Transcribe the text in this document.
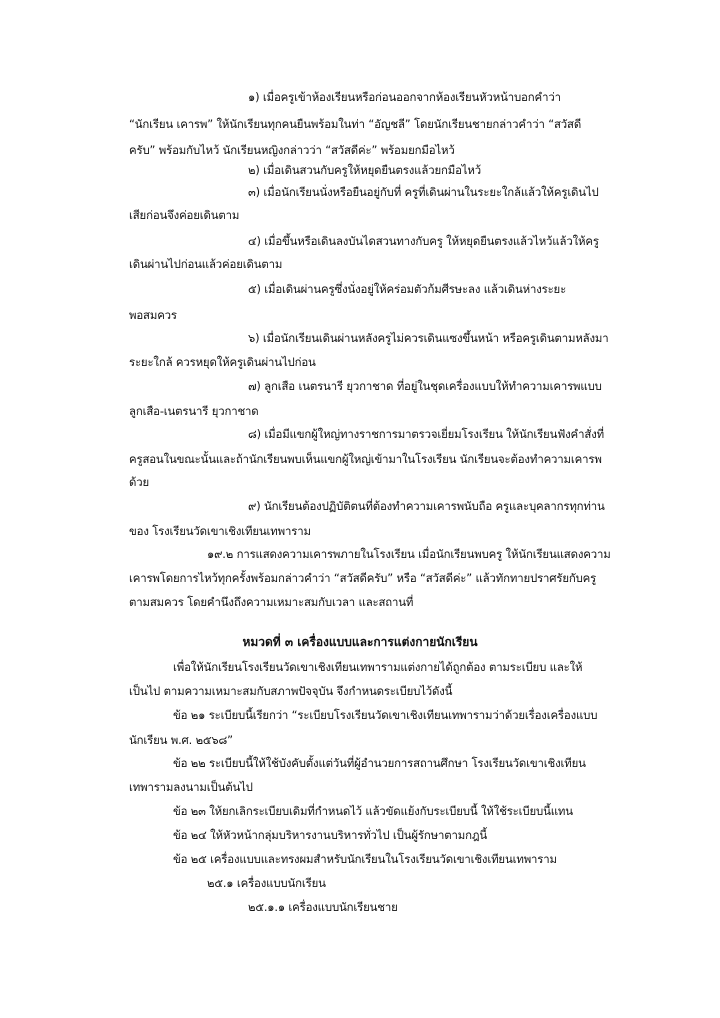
๑) เมื่อครูเข้าห้องเรียนหรือก่อนออกจากห้องเรียนหัวหน้าบอกคำว่า
“นักเรียน เคารพ” ให้นักเรียนทุกคนยืนพร้อมในท่า “อัญชลี” โดยนักเรียนชายกล่าวคำว่า “สวัสดี
ครับ” พร้อมกับไหว้ นักเรียนหญิงกล่าวว่า “สวัสดีค่ะ” พร้อมยกมือไหว้
๒) เมื่อเดินสวนกับครูให้หยุดยืนตรงแล้วยกมือไหว้
๓) เมื่อนักเรียนนั่งหรือยืนอยู่กับที่ ครูที่เดินผ่านในระยะใกล้แล้วให้ครูเดินไป
เสียก่อนจึงค่อยเดินตาม
๔) เมื่อขึ้นหรือเดินลงบันไดสวนทางกับครู ให้หยุดยืนตรงแล้วไหว้แล้วให้ครู
เดินผ่านไปก่อนแล้วค่อยเดินตาม
๕) เมื่อเดินผ่านครูซึ่งนั่งอยู่ให้คร่อมตัวก้มศีรษะลง แล้วเดินห่างระยะ
พอสมควร
๖) เมื่อนักเรียนเดินผ่านหลังครูไม่ควรเดินแซงขึ้นหน้า หรือครูเดินตามหลังมา
ระยะใกล้ ควรหยุดให้ครูเดินผ่านไปก่อน
๗) ลูกเสือ เนตรนารี ยุวกาชาด ที่อยู่ในชุดเครื่องแบบให้ทำความเคารพแบบ
ลูกเสือ-เนตรนารี ยุวกาชาด
๘) เมื่อมีแขกผู้ใหญ่ทางราชการมาตรวจเยี่ยมโรงเรียน ให้นักเรียนฟังคำสั่งที่
ครูสอนในขณะนั้นและถ้านักเรียนพบเห็นแขกผู้ใหญ่เข้ามาในโรงเรียน นักเรียนจะต้องทำความเคารพ
ด้วย
๙) นักเรียนต้องปฏิบัติตนที่ต้องทำความเคารพนับถือ ครูและบุคลากรทุกท่าน
ของ โรงเรียนวัดเขาเชิงเทียนเทพาราม
๑๙.๒ การแสดงความเคารพภายในโรงเรียน เมื่อนักเรียนพบครู ให้นักเรียนแสดงความ
เคารพโดยการไหว้ทุกครั้งพร้อมกล่าวคำว่า “สวัสดีครับ” หรือ “สวัสดีค่ะ” แล้วทักทายปราศรัยกับครู
ตามสมควร โดยคำนึงถึงความเหมาะสมกับเวลา และสถานที่
หมวดที่ ๓ เครื่องแบบและการแต่งกายนักเรียน
เพื่อให้นักเรียนโรงเรียนวัดเขาเชิงเทียนเทพารามแต่งกายได้ถูกต้อง ตามระเบียบ และให้
เป็นไป ตามความเหมาะสมกับสภาพปัจจุบัน จึงกำหนดระเบียบไว้ดังนี้
ข้อ ๒๑ ระเบียบนี้เรียกว่า “ระเบียบโรงเรียนวัดเขาเชิงเทียนเทพารามว่าด้วยเรื่องเครื่องแบบ
นักเรียน พ.ศ. ๒๕๖๘”
ข้อ ๒๒ ระเบียบนี้ให้ใช้บังคับตั้งแต่วันที่ผู้อำนวยการสถานศึกษา โรงเรียนวัดเขาเชิงเทียน
เทพารามลงนามเป็นต้นไป
ข้อ ๒๓ ให้ยกเลิกระเบียบเดิมที่กำหนดไว้ แล้วขัดแย้งกับระเบียบนี้ ให้ใช้ระเบียบนี้แทน
ข้อ ๒๔ ให้หัวหน้ากลุ่มบริหารงานบริหารทั่วไป เป็นผู้รักษาตามกฎนี้
ข้อ ๒๕ เครื่องแบบและทรงผมสำหรับนักเรียนในโรงเรียนวัดเขาเชิงเทียนเทพาราม
๒๕.๑ เครื่องแบบนักเรียน
๒๕.๑.๑ เครื่องแบบนักเรียนชาย
